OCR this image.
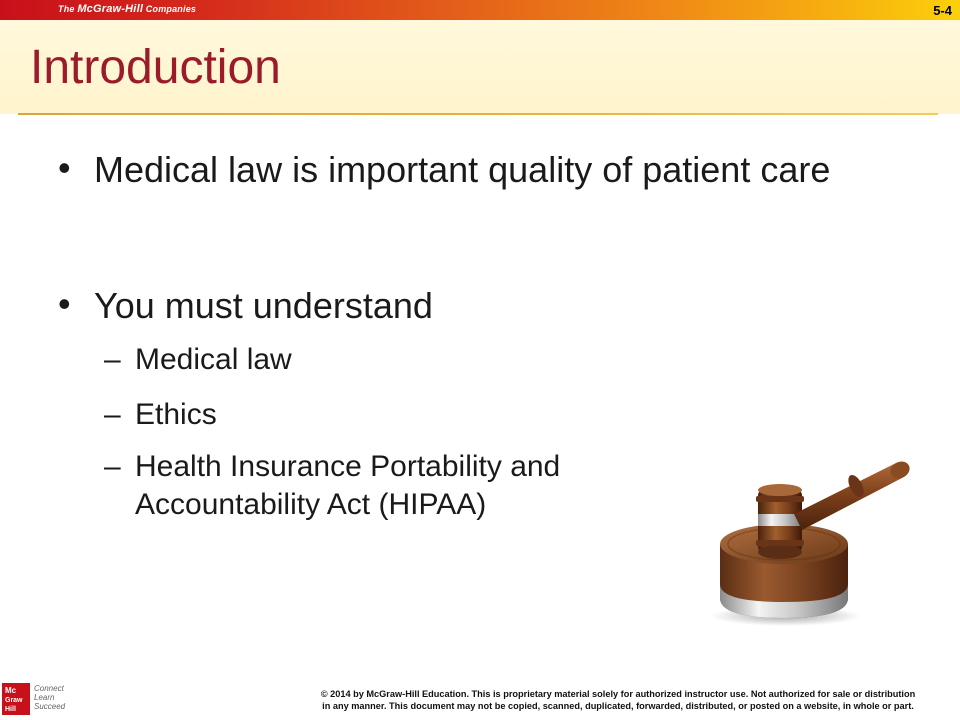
The McGraw-Hill Companies	5-4
Introduction
• Medical law is important quality of patient care
• You must understand
– Medical law
– Ethics
– Health Insurance Portability and Accountability Act (HIPAA)
Mc
Graw
Hill
Connect
Learn
Succeed
© 2014 by McGraw-Hill Education. This is proprietary material solely for authorized instructor use. Not authorized for sale or distribution
in any manner. This document may not be copied, scanned, duplicated, forwarded, distributed, or posted on a website, in whole or part.
